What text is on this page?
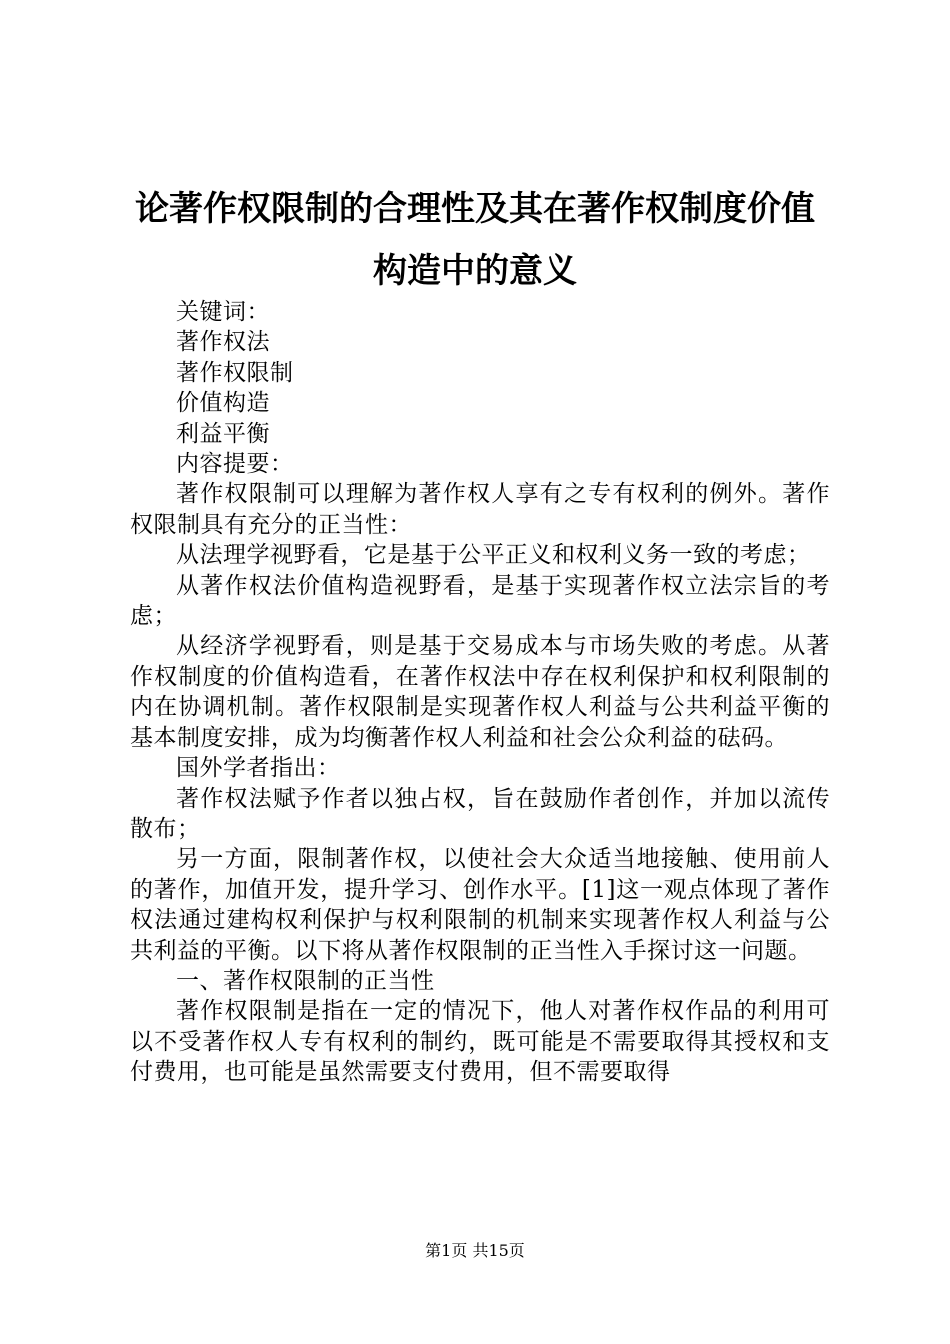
论著作权限制的合理性及其在著作权制度价值构造中的意义

关键词：

著作权法

著作权限制

价值构造

利益平衡

内容提要：

著作权限制可以理解为著作权人享有之专有权利的例外。著作权限制具有充分的正当性：

从法理学视野看，它是基于公平正义和权利义务一致的考虑；

从著作权法价值构造视野看，是基于实现著作权立法宗旨的考虑；

从经济学视野看，则是基于交易成本与市场失败的考虑。从著作权制度的价值构造看，在著作权法中存在权利保护和权利限制的内在协调机制。著作权限制是实现著作权人利益与公共利益平衡的基本制度安排，成为均衡著作权人利益和社会公众利益的砝码。

国外学者指出：

著作权法赋予作者以独占权，旨在鼓励作者创作，并加以流传散布；

另一方面，限制著作权，以使社会大众适当地接触、使用前人的著作，加值开发，提升学习、创作水平。[1]这一观点体现了著作权法通过建构权利保护与权利限制的机制来实现著作权人利益与公共利益的平衡。以下将从著作权限制的正当性入手探讨这一问题。

一、著作权限制的正当性

著作权限制是指在一定的情况下，他人对著作权作品的利用可以不受著作权人专有权利的制约，既可能是不需要取得其授权和支付费用，也可能是虽然需要支付费用，但不需要取得

第1页 共15页
